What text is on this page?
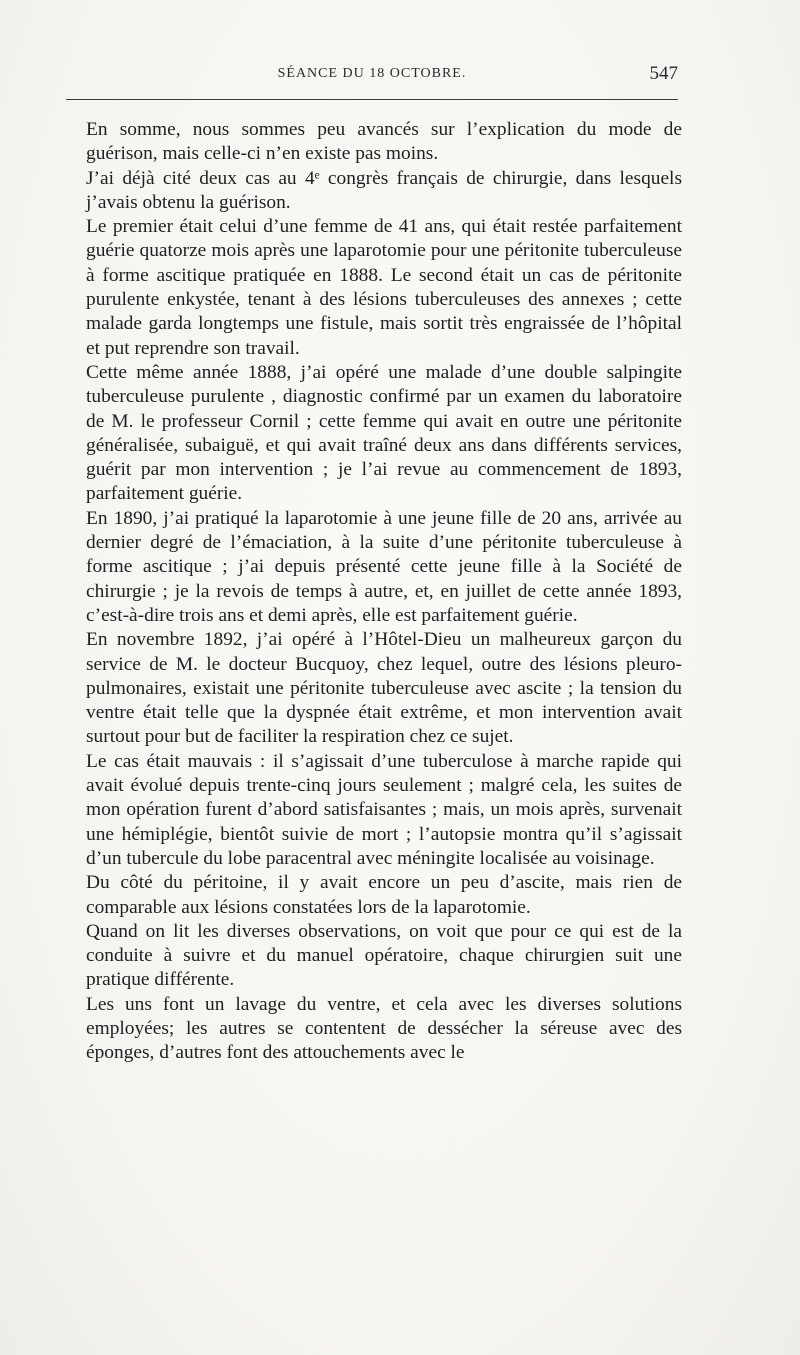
SÉANCE DU 18 OCTOBRE.	547

En somme, nous sommes peu avancés sur l’explication du mode de guérison, mais celle-ci n’en existe pas moins.

J’ai déjà cité deux cas au 4ᵉ congrès français de chirurgie, dans lesquels j’avais obtenu la guérison.

Le premier était celui d’une femme de 41 ans, qui était restée parfaitement guérie quatorze mois après une laparotomie pour une péritonite tuberculeuse à forme ascitique pratiquée en 1888. Le second était un cas de péritonite purulente enkystée, tenant à des lésions tuberculeuses des annexes ; cette malade garda longtemps une fistule, mais sortit très engraissée de l’hôpital et put reprendre son travail.

Cette même année 1888, j’ai opéré une malade d’une double salpingite tuberculeuse purulente , diagnostic confirmé par un examen du laboratoire de M. le professeur Cornil ; cette femme qui avait en outre une péritonite généralisée, subaiguë, et qui avait traîné deux ans dans différents services, guérit par mon intervention ; je l’ai revue au commencement de 1893, parfaitement guérie.

En 1890, j’ai pratiqué la laparotomie à une jeune fille de 20 ans, arrivée au dernier degré de l’émaciation, à la suite d’une péritonite tuberculeuse à forme ascitique ; j’ai depuis présenté cette jeune fille à la Société de chirurgie ; je la revois de temps à autre, et, en juillet de cette année 1893, c’est-à-dire trois ans et demi après, elle est parfaitement guérie.

En novembre 1892, j’ai opéré à l’Hôtel-Dieu un malheureux garçon du service de M. le docteur Bucquoy, chez lequel, outre des lésions pleuro-pulmonaires, existait une péritonite tuberculeuse avec ascite ; la tension du ventre était telle que la dyspnée était extrême, et mon intervention avait surtout pour but de faciliter la respiration chez ce sujet.

Le cas était mauvais : il s’agissait d’une tuberculose à marche rapide qui avait évolué depuis trente-cinq jours seulement ; malgré cela, les suites de mon opération furent d’abord satisfaisantes ; mais, un mois après, survenait une hémiplégie, bientôt suivie de mort ; l’autopsie montra qu’il s’agissait d’un tubercule du lobe paracentral avec méningite localisée au voisinage.

Du côté du péritoine, il y avait encore un peu d’ascite, mais rien de comparable aux lésions constatées lors de la laparotomie.

Quand on lit les diverses observations, on voit que pour ce qui est de la conduite à suivre et du manuel opératoire, chaque chirurgien suit une pratique différente.

Les uns font un lavage du ventre, et cela avec les diverses solutions employées; les autres se contentent de dessécher la séreuse avec des éponges, d’autres font des attouchements avec le
